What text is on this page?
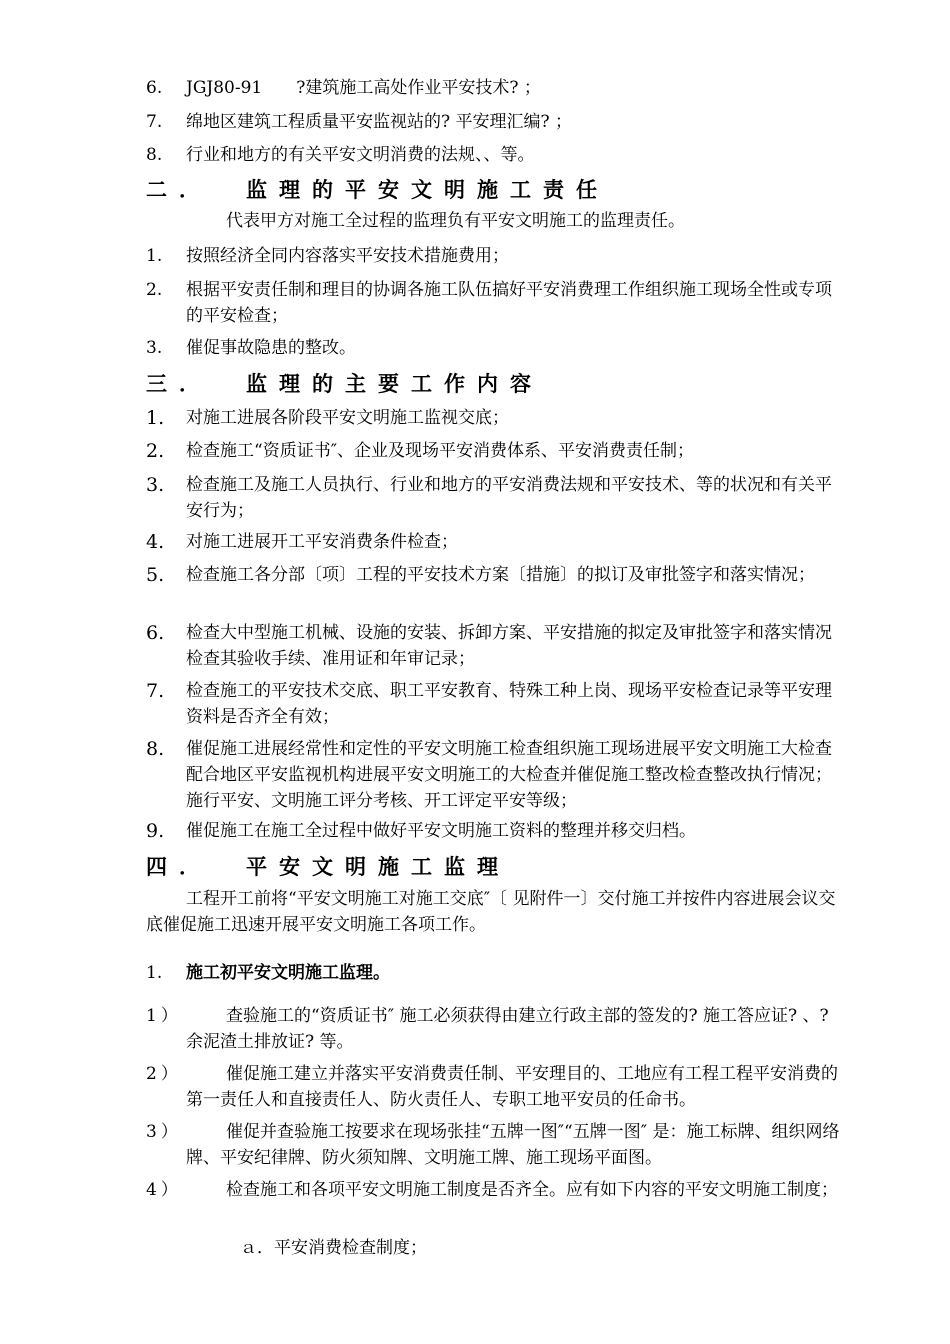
6. JGJ80-91　　?建筑施工高处作业平安技术? ；
7. 绵地区建筑工程质量平安监视站的? 平安理汇编? ；
8. 行业和地方的有关平安文明消费的法规、、等。
二． 监理的平安文明施工责任
代表甲方对施工全过程的监理负有平安文明施工的监理责任。
1. 按照经济全同内容落实平安技术措施费用；
2. 根据平安责任制和理目的协调各施工队伍搞好平安消费理工作组织施工现场全性或专项的平安检查；
3. 催促事故隐患的整改。
三． 监理的主要工作内容
1. 对施工进展各阶段平安文明施工监视交底；
2. 检查施工“资质证书″、企业及现场平安消费体系、平安消费责任制；
3. 检查施工及施工人员执行、行业和地方的平安消费法规和平安技术、等的状况和有关平安行为；
4. 对施工进展开工平安消费条件检查；
5. 检查施工各分部〔项〕工程的平安技术方案〔措施〕的拟订及审批签字和落实情况；
6. 检查大中型施工机械、设施的安装、拆卸方案、平安措施的拟定及审批签字和落实情况检查其验收手续、准用证和年审记录；
7. 检查施工的平安技术交底、职工平安教育、特殊工种上岗、现场平安检查记录等平安理资料是否齐全有效；
8. 催促施工进展经常性和定性的平安文明施工检查组织施工现场进展平安文明施工大检查配合地区平安监视机构进展平安文明施工的大检查并催促施工整改检查整改执行情况；施行平安、文明施工评分考核、开工评定平安等级；
9. 催促施工在施工全过程中做好平安文明施工资料的整理并移交归档。
四． 平安文明施工监理
工程开工前将“平安文明施工对施工交底″〔 见附件一〕交付施工并按件内容进展会议交底催促施工迅速开展平安文明施工各项工作。
1. 施工初平安文明施工监理。
1）	查验施工的“资质证书″ 施工必须获得由建立行政主部的签发的? 施工答应证? 、? 余泥渣土排放证? 等。
2）	催促施工建立并落实平安消费责任制、平安理目的、工地应有工程工程平安消费的第一责任人和直接责任人、防火责任人、专职工地平安员的任命书。
3）	催促并查验施工按要求在现场张挂“五牌一图″“五牌一图″ 是：施工标牌、组织网络牌、平安纪律牌、防火须知牌、文明施工牌、施工现场平面图。
4）	检查施工和各项平安文明施工制度是否齐全。应有如下内容的平安文明施工制度；
ａ．平安消费检查制度；
